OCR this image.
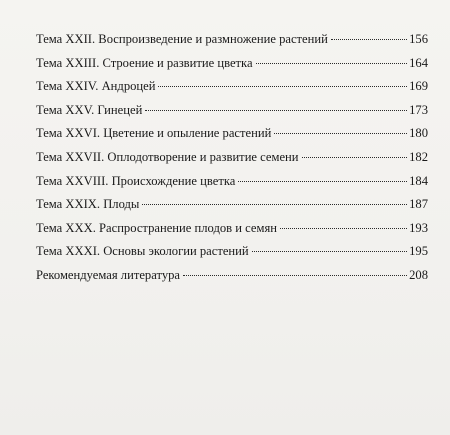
Тема XXII. Воспроизведение и размножение растений	156
Тема XXIII. Строение и развитие цветка	164
Тема XXIV. Андроцей	169
Тема XXV. Гинецей	173
Тема XXVI. Цветение и опыление растений	180
Тема XXVII. Оплодотворение и развитие семени	182
Тема XXVIII. Происхождение цветка	184
Тема XXIX. Плоды	187
Тема XXX. Распространение плодов и семян	193
Тема XXXI. Основы экологии растений	195
Рекомендуемая литература	208
